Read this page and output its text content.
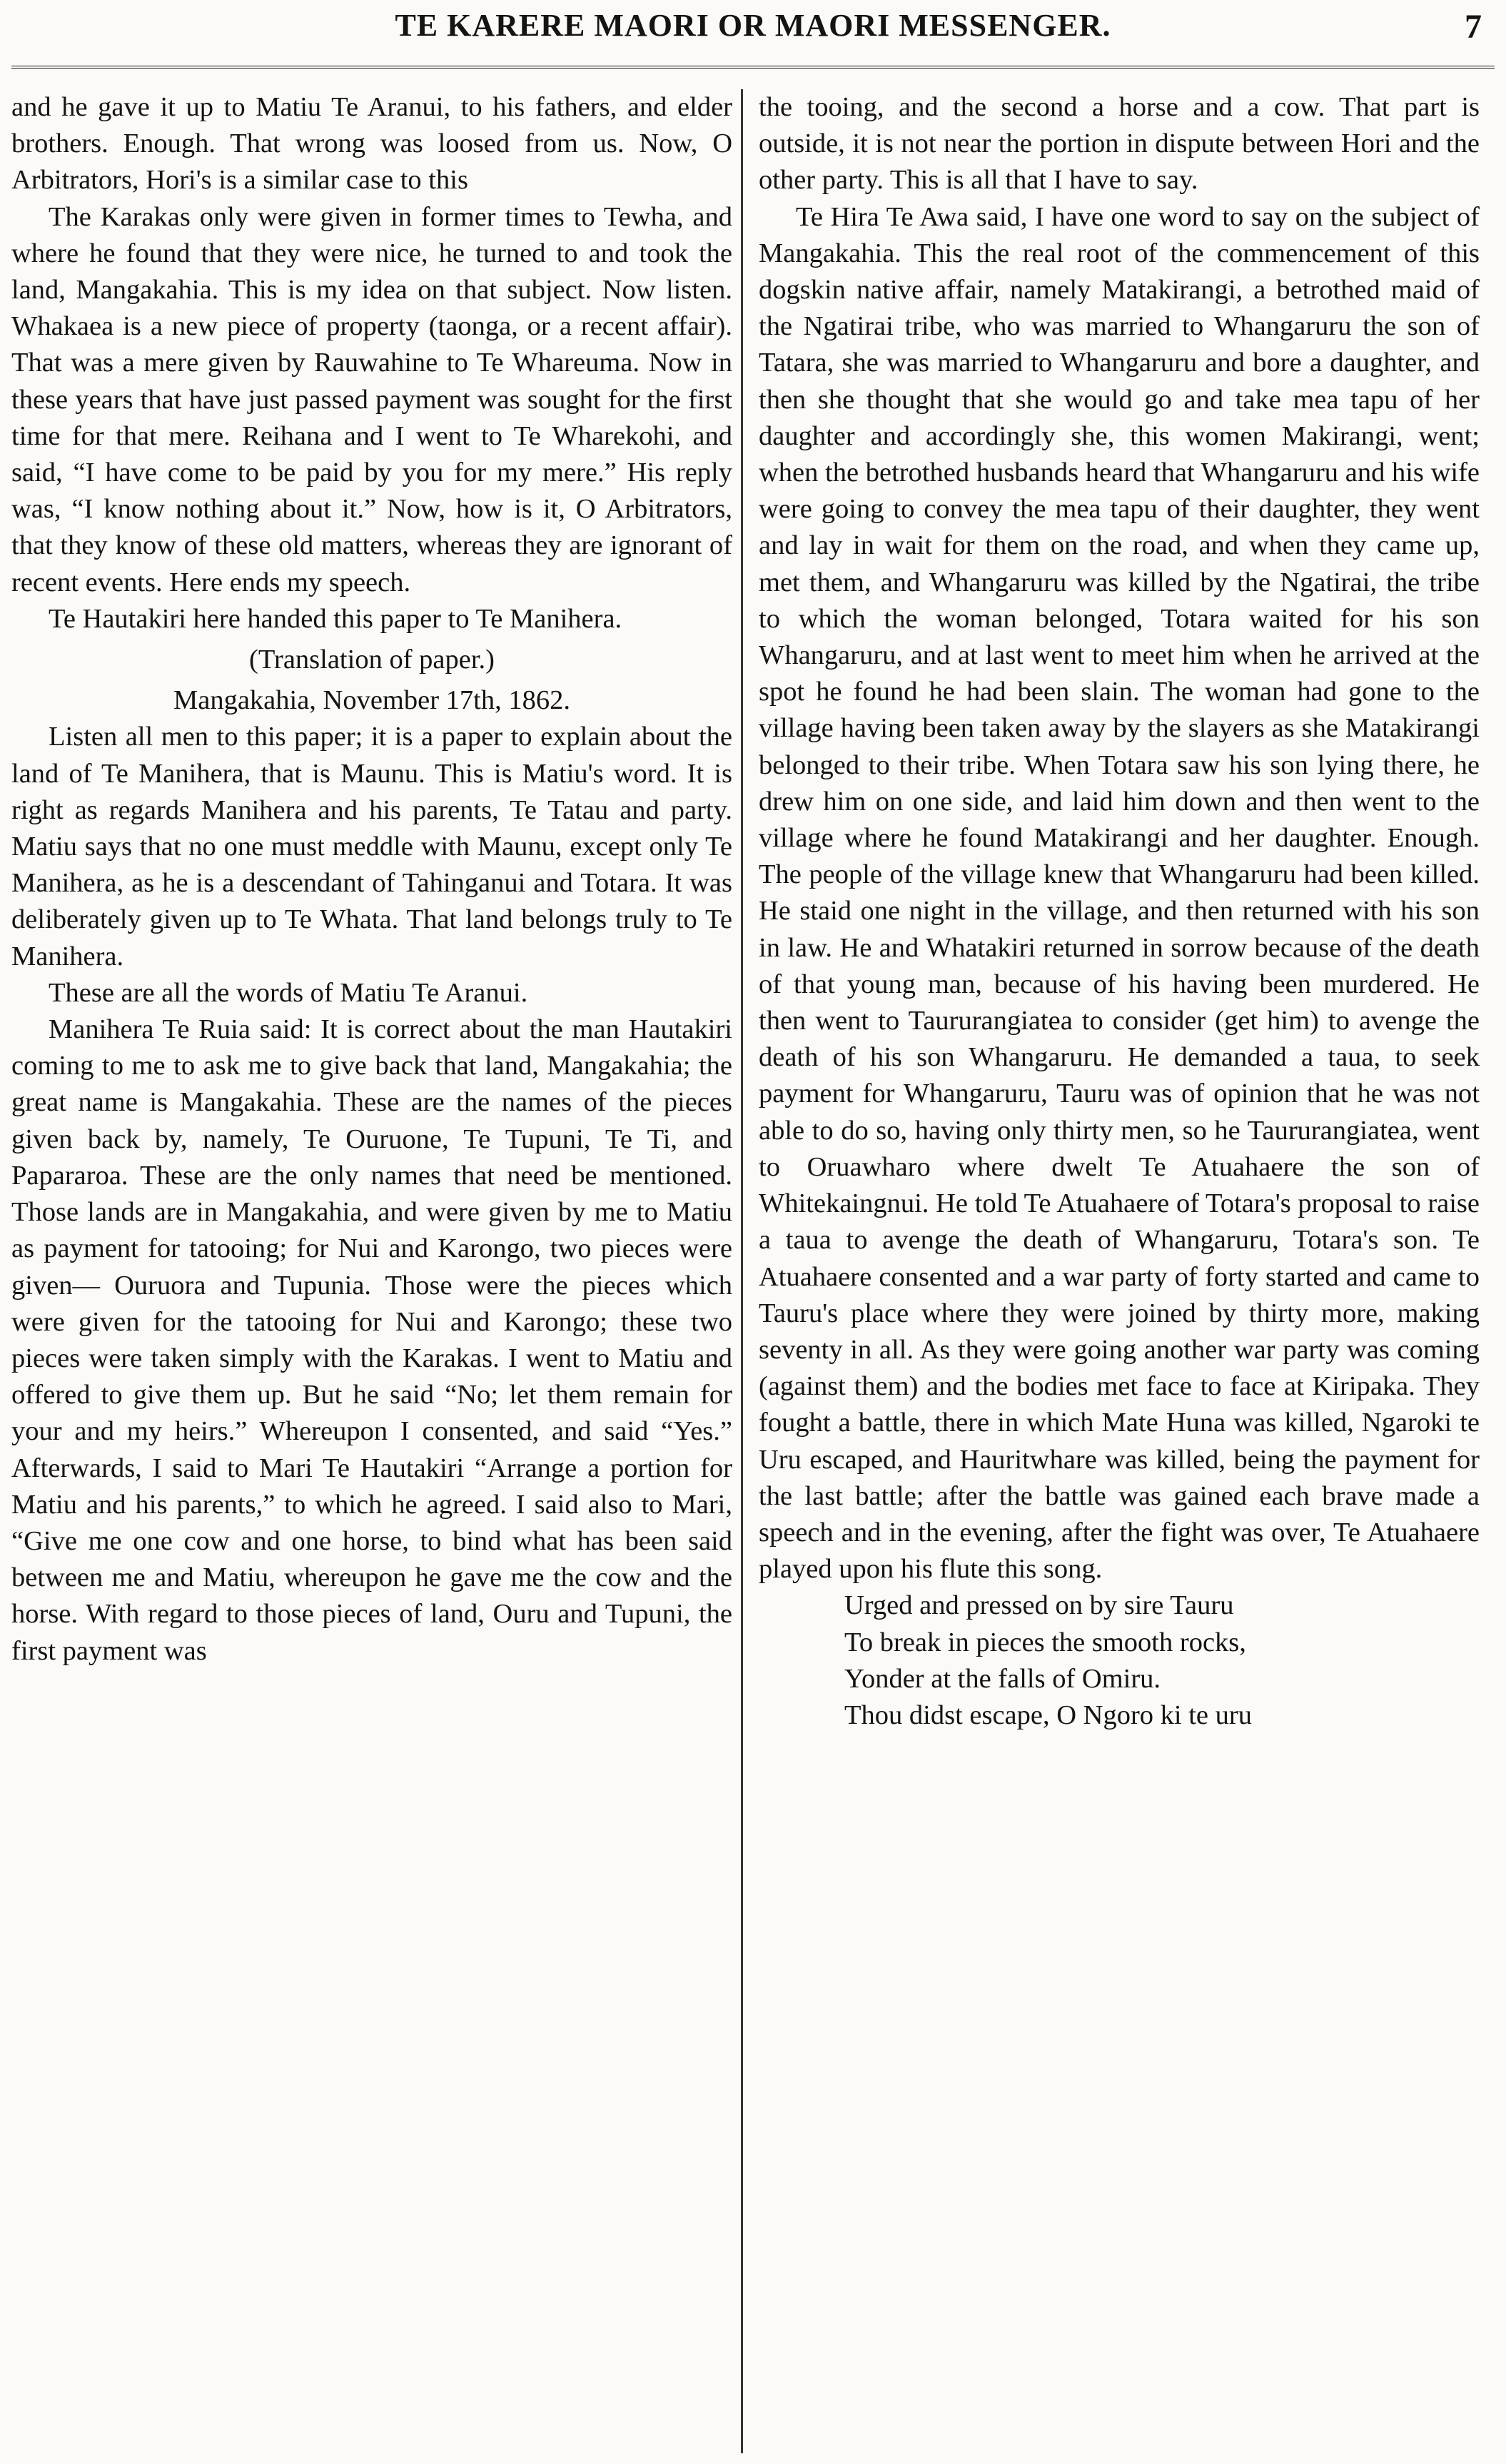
TE KARERE MAORI OR MAORI MESSENGER.	7

and he gave it up to Matiu Te Aranui, to his fathers, and elder brothers. Enough. That wrong was loosed from us. Now, O Arbitrators, Hori's is a similar case to this

The Karakas only were given in former times to Tewha, and where he found that they were nice, he turned to and took the land, Mangakahia. This is my idea on that subject. Now listen. Whakaea is a new piece of property (taonga, or a recent affair). That was a mere given by Rauwahine to Te Whareuma. Now in these years that have just passed payment was sought for the first time for that mere. Reihana and I went to Te Wharekohi, and said, “I have come to be paid by you for my mere.” His reply was, “I know nothing about it.” Now, how is it, O Arbitrators, that they know of these old matters, whereas they are ignorant of recent events. Here ends my speech.

Te Hautakiri here handed this paper to Te Manihera.

(Translation of paper.)

Mangakahia, November 17th, 1862.

Listen all men to this paper; it is a paper to explain about the land of Te Manihera, that is Maunu. This is Matiu's word. It is right as regards Manihera and his parents, Te Tatau and party. Matiu says that no one must meddle with Maunu, except only Te Manihera, as he is a descendant of Tahinganui and Totara. It was deliberately given up to Te Whata. That land belongs truly to Te Manihera.

These are all the words of Matiu Te Aranui.

Manihera Te Ruia said: It is correct about the man Hautakiri coming to me to ask me to give back that land, Mangakahia; the great name is Mangakahia. These are the names of the pieces given back by, namely, Te Ouruone, Te Tupuni, Te Ti, and Papararoa. These are the only names that need be mentioned. Those lands are in Mangakahia, and were given by me to Matiu as payment for tatooing; for Nui and Karongo, two pieces were given— Ouruora and Tupunia. Those were the pieces which were given for the tatooing for Nui and Karongo; these two pieces were taken simply with the Karakas. I went to Matiu and offered to give them up. But he said “No; let them remain for your and my heirs.” Whereupon I consented, and said “Yes.” Afterwards, I said to Mari Te Hautakiri “Arrange a portion for Matiu and his parents,” to which he agreed. I said also to Mari, “Give me one cow and one horse, to bind what has been said between me and Matiu, whereupon he gave me the cow and the horse. With regard to those pieces of land, Ouru and Tupuni, the first payment was

the tooing, and the second a horse and a cow. That part is outside, it is not near the portion in dispute between Hori and the other party. This is all that I have to say.

Te Hira Te Awa said, I have one word to say on the subject of Mangakahia. This the real root of the commencement of this dogskin native affair, namely Matakirangi, a betrothed maid of the Ngatirai tribe, who was married to Whangaruru the son of Tatara, she was married to Whangaruru and bore a daughter, and then she thought that she would go and take mea tapu of her daughter and accordingly she, this women Makirangi, went; when the betrothed husbands heard that Whangaruru and his wife were going to convey the mea tapu of their daughter, they went and lay in wait for them on the road, and when they came up, met them, and Whangaruru was killed by the Ngatirai, the tribe to which the woman belonged, Totara waited for his son Whangaruru, and at last went to meet him when he arrived at the spot he found he had been slain. The woman had gone to the village having been taken away by the slayers as she Matakirangi belonged to their tribe. When Totara saw his son lying there, he drew him on one side, and laid him down and then went to the village where he found Matakirangi and her daughter. Enough. The people of the village knew that Whangaruru had been killed. He staid one night in the village, and then returned with his son in law. He and Whatakiri returned in sorrow because of the death of that young man, because of his having been murdered. He then went to Taururangiatea to consider (get him) to avenge the death of his son Whangaruru. He demanded a taua, to seek payment for Whangaruru, Tauru was of opinion that he was not able to do so, having only thirty men, so he Taururangiatea, went to Oruawharo where dwelt Te Atuahaere the son of Whitekaingnui. He told Te Atuahaere of Totara's proposal to raise a taua to avenge the death of Whangaruru, Totara's son. Te Atuahaere consented and a war party of forty started and came to Tauru's place where they were joined by thirty more, making seventy in all. As they were going another war party was coming (against them) and the bodies met face to face at Kiripaka. They fought a battle, there in which Mate Huna was killed, Ngaroki te Uru escaped, and Hauritwhare was killed, being the payment for the last battle; after the battle was gained each brave made a speech and in the evening, after the fight was over, Te Atuahaere played upon his flute this song.

Urged and pressed on by sire Tauru
To break in pieces the smooth rocks,
Yonder at the falls of Omiru.
Thou didst escape, O Ngoro ki te uru
